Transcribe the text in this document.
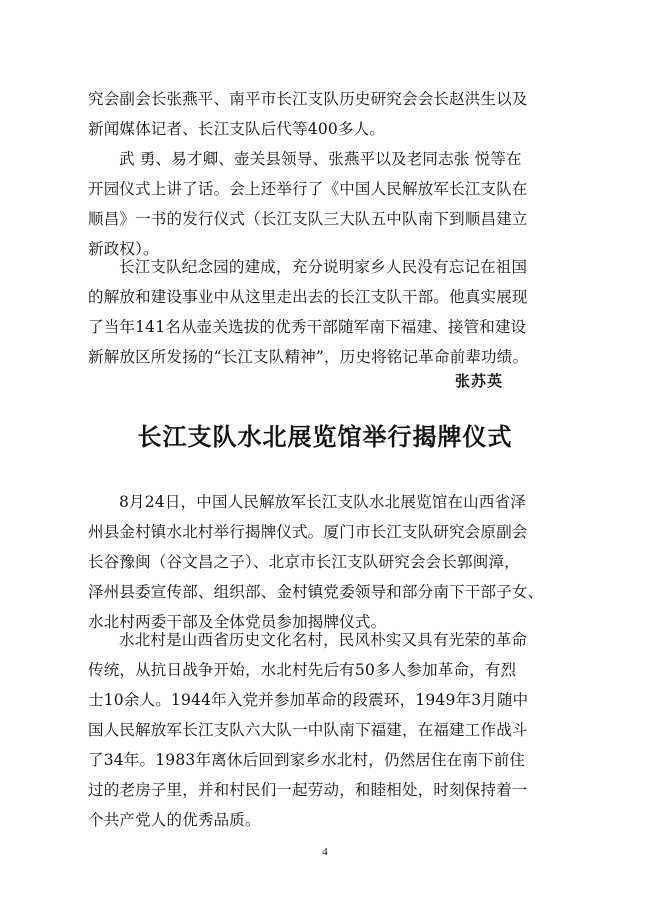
究会副会长张燕平、南平市长江支队历史研究会会长赵洪生以及
新闻媒体记者、长江支队后代等400多人。
武 勇、易才卿、壶关县领导、张燕平以及老同志张 悦等在
开园仪式上讲了话。会上还举行了《中国人民解放军长江支队在
顺昌》一书的发行仪式（长江支队三大队五中队南下到顺昌建立
新政权）。
长江支队纪念园的建成，充分说明家乡人民没有忘记在祖国
的解放和建设事业中从这里走出去的长江支队干部。他真实展现
了当年141名从壶关选拔的优秀干部随军南下福建、接管和建设
新解放区所发扬的“长江支队精神”，历史将铭记革命前辈功绩。
张苏英
长江支队水北展览馆举行揭牌仪式
8月24日，中国人民解放军长江支队水北展览馆在山西省泽
州县金村镇水北村举行揭牌仪式。厦门市长江支队研究会原副会
长谷豫闽（谷文昌之子）、北京市长江支队研究会会长郭闽漳，
泽州县委宣传部、组织部、金村镇党委领导和部分南下干部子女、
水北村两委干部及全体党员参加揭牌仪式。
水北村是山西省历史文化名村，民风朴实又具有光荣的革命
传统，从抗日战争开始，水北村先后有50多人参加革命，有烈
士10余人。1944年入党并参加革命的段震环，1949年3月随中
国人民解放军长江支队六大队一中队南下福建，在福建工作战斗
了34年。1983年离休后回到家乡水北村，仍然居住在南下前住
过的老房子里，并和村民们一起劳动，和睦相处，时刻保持着一
个共产党人的优秀品质。
4
